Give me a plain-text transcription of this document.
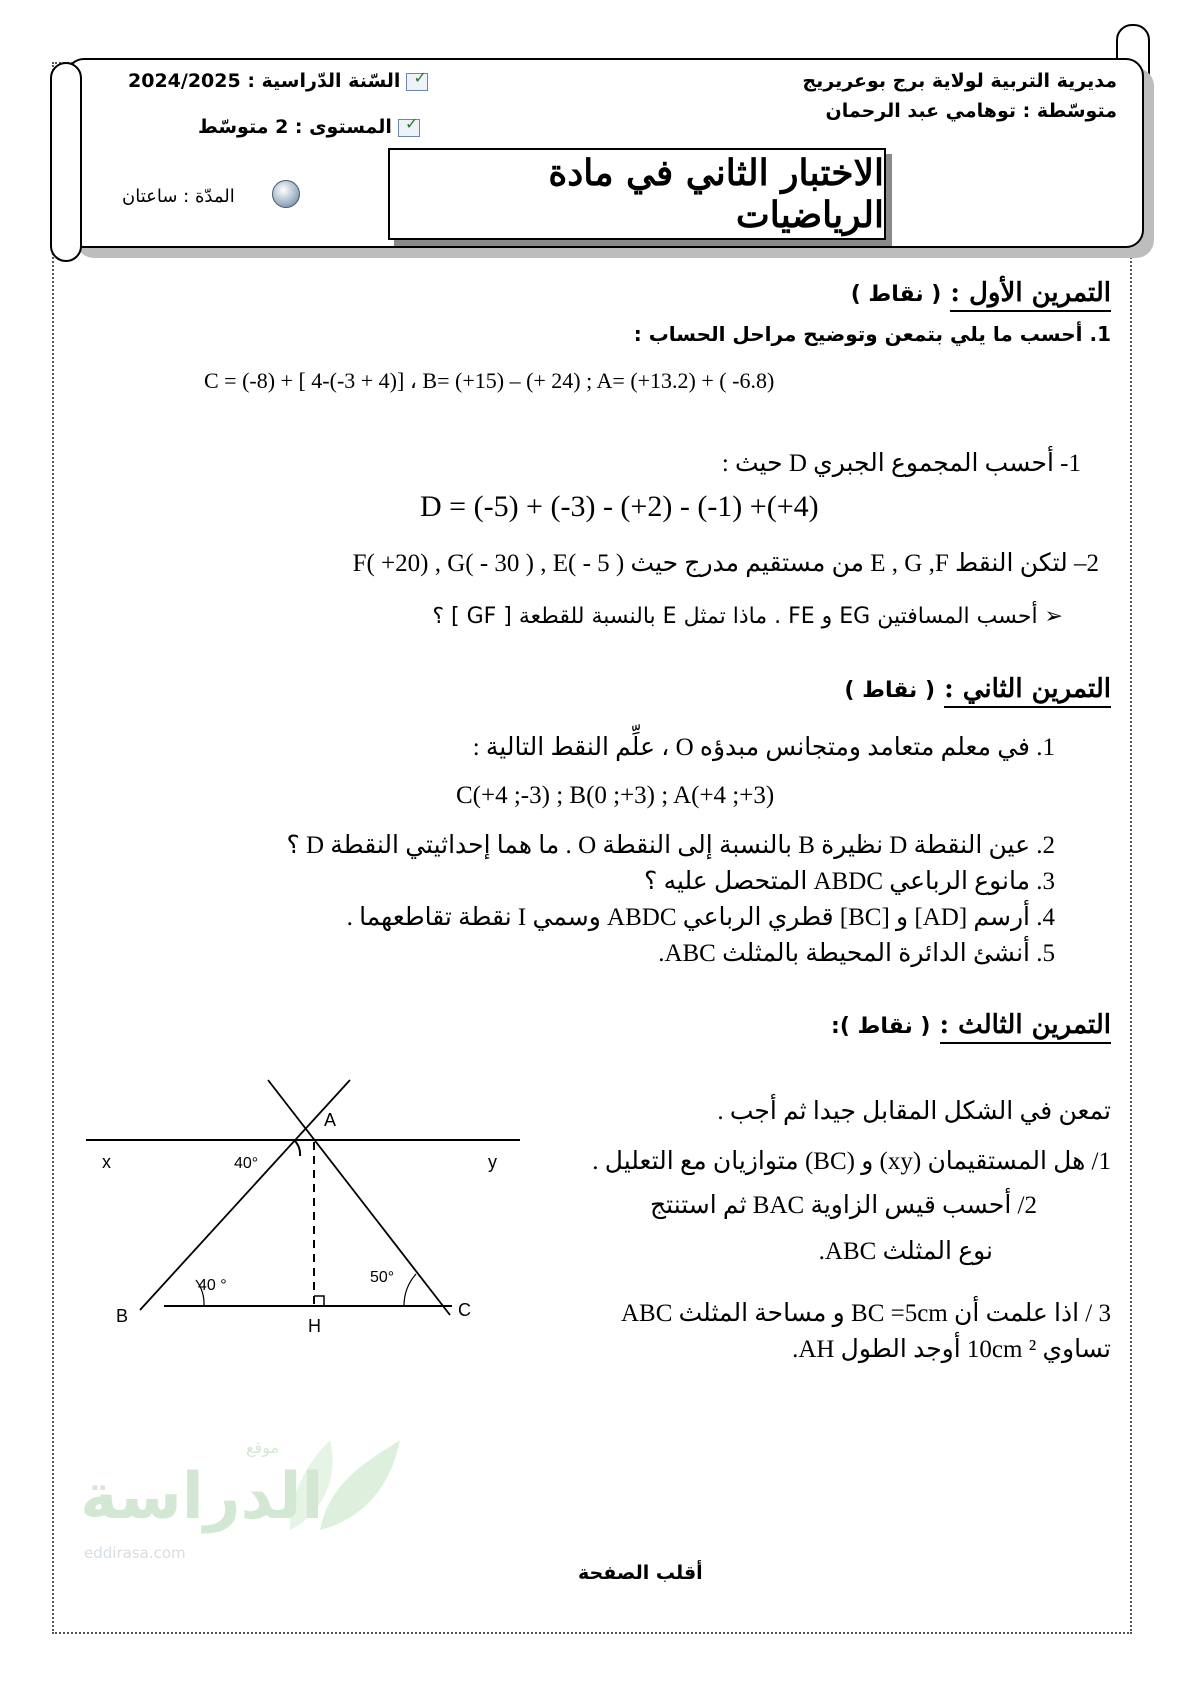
مديرية التربية لولاية برج بوعريريج
متوسّطة : توهامي عبد الرحمان
✓السّنة الدّراسية : 2024/2025
✓المستوى : 2 متوسّط
المدّة : ساعتان
الاختبار الثاني في مادة الرياضيات
التمرين الأول : ( نقاط )
1. أحسب ما يلي بتمعن وتوضيح مراحل الحساب :
C = (-8) + [ 4-(-3 + 4)] ، B= (+15) – (+ 24) ; A= (+13.2) + ( -6.8)
1- أحسب المجموع الجبري D حيث :
D = (-5) + (-3) - (+2) - (-1) +(+4)
2– لتكن النقط E , G ,F من مستقيم مدرج حيث F( +20) , G( - 30 ) , E( - 5 )
➢ أحسب المسافتين EG و FE . ماذا تمثل E بالنسبة للقطعة [ GF ] ؟
التمرين الثاني : ( نقاط )
1. في معلم متعامد ومتجانس مبدؤه O ، علِّم النقط التالية :
C(+4 ;-3) ; B(0 ;+3) ; A(+4 ;+3)
2. عين النقطة D نظيرة B بالنسبة إلى النقطة O . ما هما إحداثيتي النقطة D ؟
3. مانوع الرباعي ABDC المتحصل عليه ؟
4. أرسم [AD] و [BC] قطري الرباعي ABDC وسمي I نقطة تقاطعهما .
5. أنشئ الدائرة المحيطة بالمثلث ABC.
التمرين الثالث : ( نقاط ):
تمعن في الشكل المقابل جيدا ثم أجب .
1/ هل المستقيمان (xy) و (BC) متوازيان مع التعليل .
2/ أحسب قيس الزاوية BAC ثم استنتج
نوع المثلث ABC.
3 / اذا علمت أن BC =5cm و مساحة المثلث ABC
تساوي 10cm ² أوجد الطول AH.
A
x	y
40°
40 °	50°
B	C
H
الدراسة
موقع
eddirasa.com
أقلب الصفحة
